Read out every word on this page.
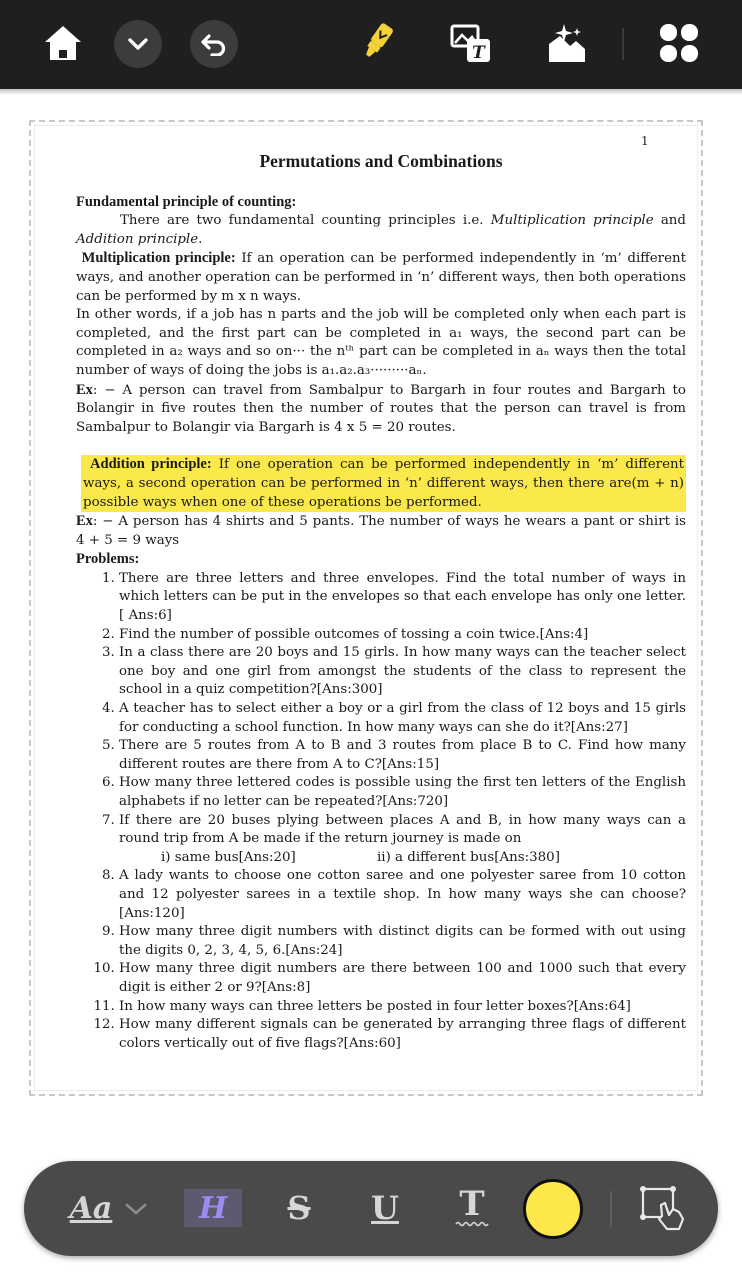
T
1

Permutations and Combinations

Fundamental principle of counting:

There are two fundamental counting principles i.e. Multiplication principle and Addition principle.

Multiplication principle: If an operation can be performed independently in ‘m’ different ways, and another operation can be performed in ‘n’ different ways, then both operations can be performed by m x n ways.

In other words, if a job has n parts and the job will be completed only when each part is completed, and the first part can be completed in a₁ ways, the second part can be completed in a₂ ways and so on··· the nᵗʰ part can be completed in aₙ ways then the total number of ways of doing the jobs is a₁.a₂.a₃·········aₙ.

Ex: − A person can travel from Sambalpur to Bargarh in four routes and Bargarh to Bolangir in five routes then the number of routes that the person can travel is from Sambalpur to Bolangir via Bargarh is 4 x 5 = 20 routes.

Addition principle: If one operation can be performed independently in ‘m’ different ways, a second operation can be performed in ‘n’ different ways, then there are(m + n) possible ways when one of these operations be performed.

Ex: − A person has 4 shirts and 5 pants. The number of ways he wears a pant or shirt is 4 + 5 = 9 ways

Problems:

1. There are three letters and three envelopes. Find the total number of ways in which letters can be put in the envelopes so that each envelope has only one letter. [ Ans:6]
2. Find the number of possible outcomes of tossing a coin twice.[Ans:4]
3. In a class there are 20 boys and 15 girls. In how many ways can the teacher select one boy and one girl from amongst the students of the class to represent the school in a quiz competition?[Ans:300]
4. A teacher has to select either a boy or a girl from the class of 12 boys and 15 girls for conducting a school function. In how many ways can she do it?[Ans:27]
5. There are 5 routes from A to B and 3 routes from place B to C. Find how many different routes are there from A to C?[Ans:15]
6. How many three lettered codes is possible using the first ten letters of the English alphabets if no letter can be repeated?[Ans:720]
7. If there are 20 buses plying between places A and B, in how many ways can a round trip from A be made if the return journey is made on
i) same bus[Ans:20]	ii) a different bus[Ans:380]
8. A lady wants to choose one cotton saree and one polyester saree from 10 cotton and 12 polyester sarees in a textile shop. In how many ways she can choose?[Ans:120]
9. How many three digit numbers with distinct digits can be formed with out using the digits 0, 2, 3, 4, 5, 6.[Ans:24]
10. How many three digit numbers are there between 100 and 1000 such that every digit is either 2 or 9?[Ans:8]
11. In how many ways can three letters be posted in four letter boxes?[Ans:64]
12. How many different signals can be generated by arranging three flags of different colors vertically out of five flags?[Ans:60]
Aa	H	S	U T
